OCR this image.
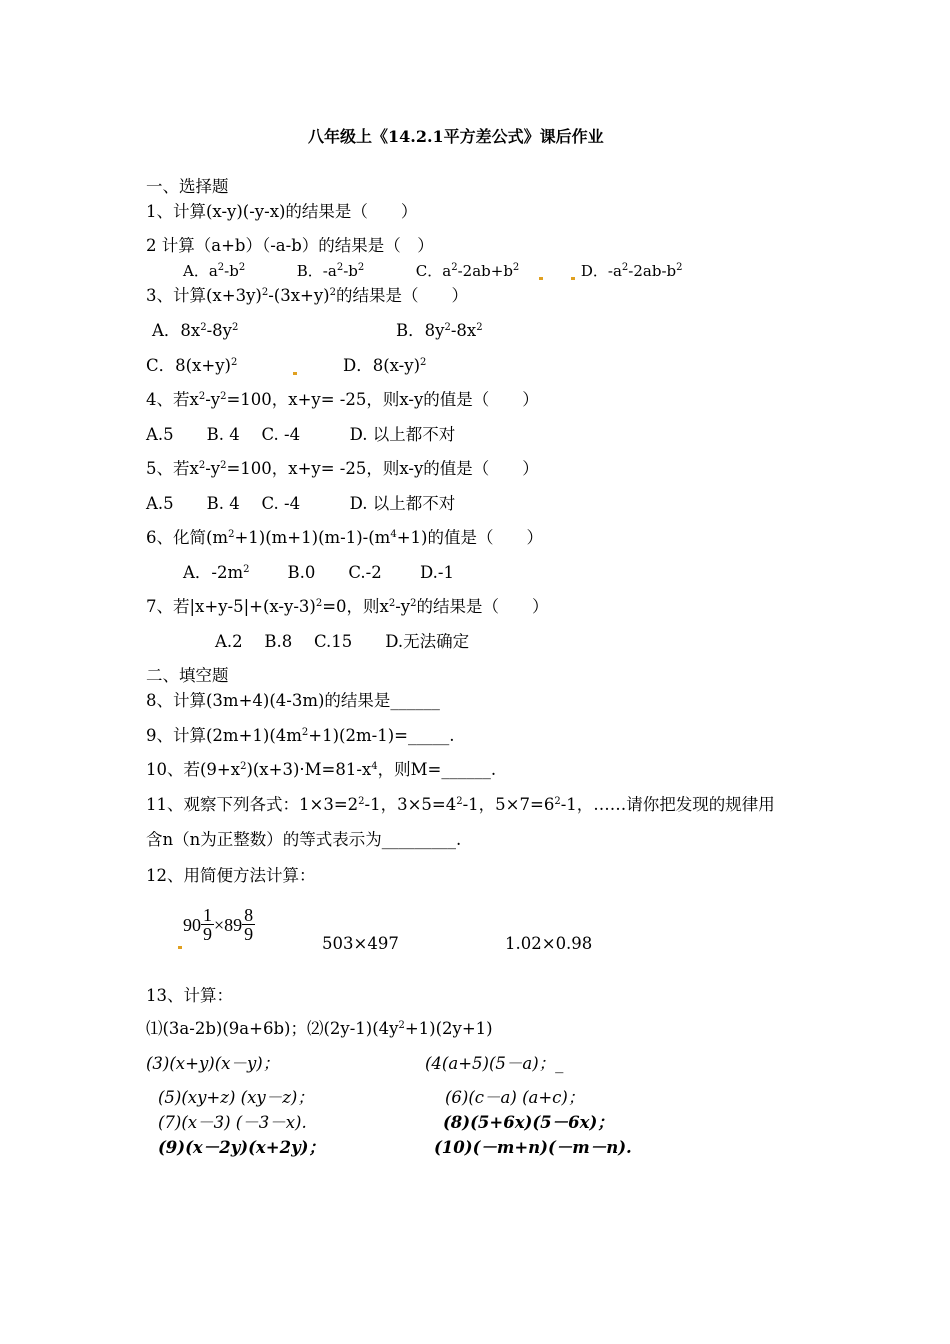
八年级上《14.2.1平方差公式》课后作业
一、选择题
1、计算(x-y)(-y-x)的结果是（　　）
2 计算（a+b）（-a-b）的结果是（　）
A．$a^2-b^2$	B．$-a^2-b^2$	C．$a^2-2ab+b^2$	D．$-a^2-2ab-b^2$
3、计算$(x+3y)^2-(3x+y)^2$的结果是（　　）
A．$8x^2-8y^2$	B．$8y^2-8x^2$
C．$8(x+y)^2$	D．$8(x-y)^2$
4、若$x^2-y^2=100$，x+y= -25，则x-y的值是（　　）
A.5　　B. 4　 C. -4　　　D. 以上都不对
5、若$x^2-y^2=100$，x+y= -25，则x-y的值是（　　）
A.5　　B. 4　 C. -4　　　D. 以上都不对
6、化简$(m^2+1)(m+1)(m-1)-(m^4+1)$的值是（　　）
A．$-2m^2$ B.0　　C.-2　　 D.-1
7、若$|x+y-5|+(x-y-3)^2=0$，则$x^2-y^2$的结果是（　　）
A.2　 B.8　 C.15　　D.无法确定
二、填空题
8、计算(3m+4)(4-3m)的结果是______
9、计算$(2m+1)(4m^2+1)(2m-1)=\_\_\_\_\_$.
10、若$(9+x^2)(x+3)\cdot M=81-x^4$，则M=______.
11、观察下列各式：$1\times 3=2^2-1$，$3\times 5=4^2-1$，$5\times 7=6^2-1$，……请你把发现的规律用
含n（n为正整数）的等式表示为_________.
12、用简便方法计算：
$90 \frac{1}{9} \times 89 \frac{8}{9}$
503×497	1.02×0.98
13、计算：
⑴(3a-2b)(9a+6b)；$⑵(2y-1)(4y^2+1)(2y+1)$
(3)(x+y)(x－y)；	(4(a+5)(5－a)；_
(5)(xy+z) (xy－z)；	(6)(c－a) (a+c)；
(7)(x－3) (－3－x).	(8)(5+6x)(5－6x)；
(9)(x－2y)(x+2y)；	(10)(－m+n)(－m－n).
